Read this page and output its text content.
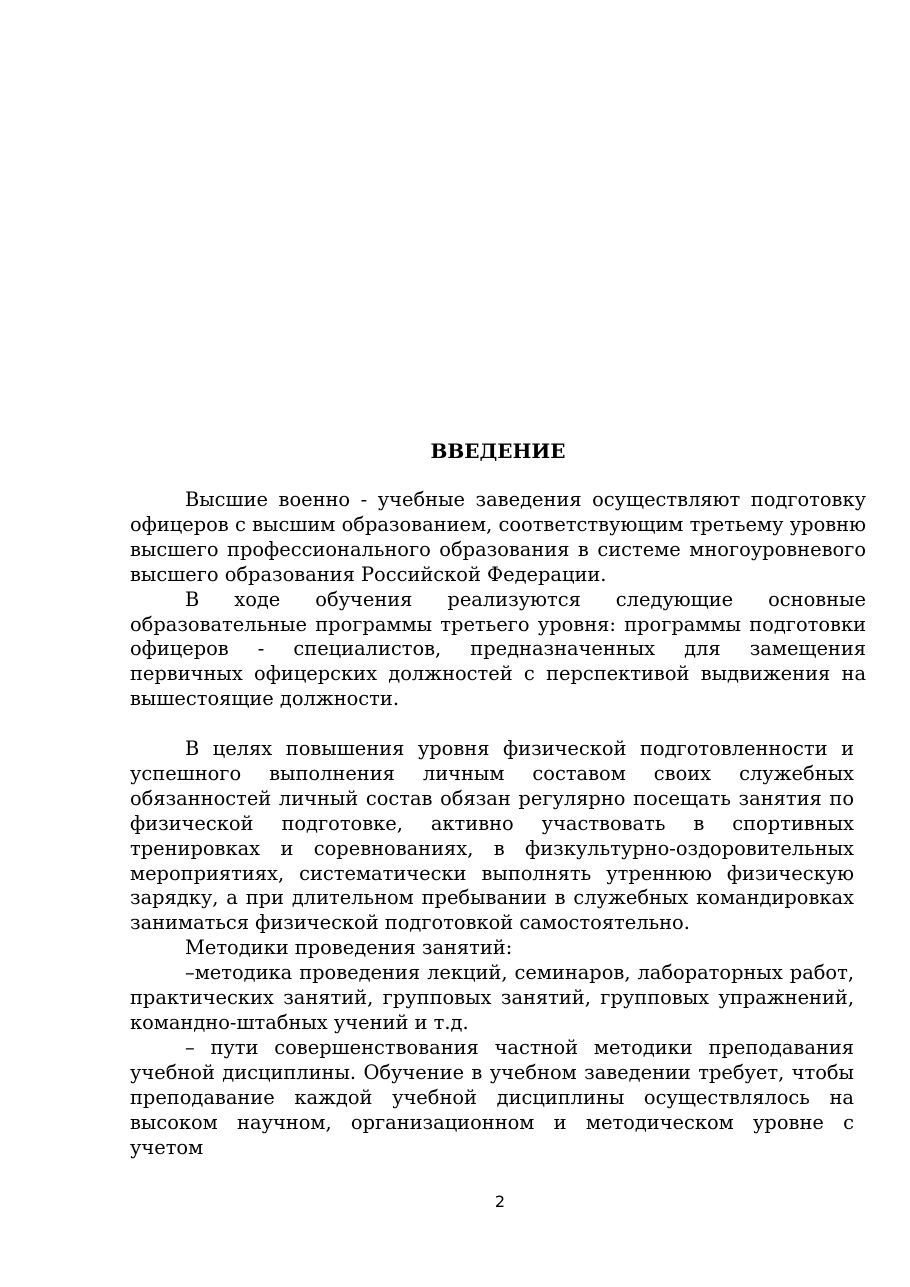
ВВЕДЕНИЕ

Высшие военно - учебные заведения осуществляют подготовку офицеров с высшим образованием, соответствующим третьему уровню высшего профессионального образования в системе многоуровневого высшего образования Российской Федерации.

В ходе обучения реализуются следующие основные образовательные программы третьего уровня: программы подготовки офицеров - специалистов, предназначенных для замещения первичных офицерских должностей с перспективой выдвижения на вышестоящие должности.

В целях повышения уровня физической подготовленности и успешного выполнения личным составом своих служебных обязанностей личный состав обязан регулярно посещать занятия по физической подготовке, активно участвовать в спортивных тренировках и соревнованиях, в физкультурно-оздоровительных мероприятиях, систематически выполнять утреннюю физическую зарядку, а при длительном пребывании в служебных командировках заниматься физической подготовкой самостоятельно.

Методики проведения занятий:

–методика проведения лекций, семинаров, лабораторных работ, практических занятий, групповых занятий, групповых упражнений, командно-штабных учений и т.д.

– пути совершенствования частной методики преподавания учебной дисциплины. Обучение в учебном заведении требует, чтобы преподавание каждой учебной дисциплины осуществлялось на высоком научном, организационном и методическом уровне с учетом

2
